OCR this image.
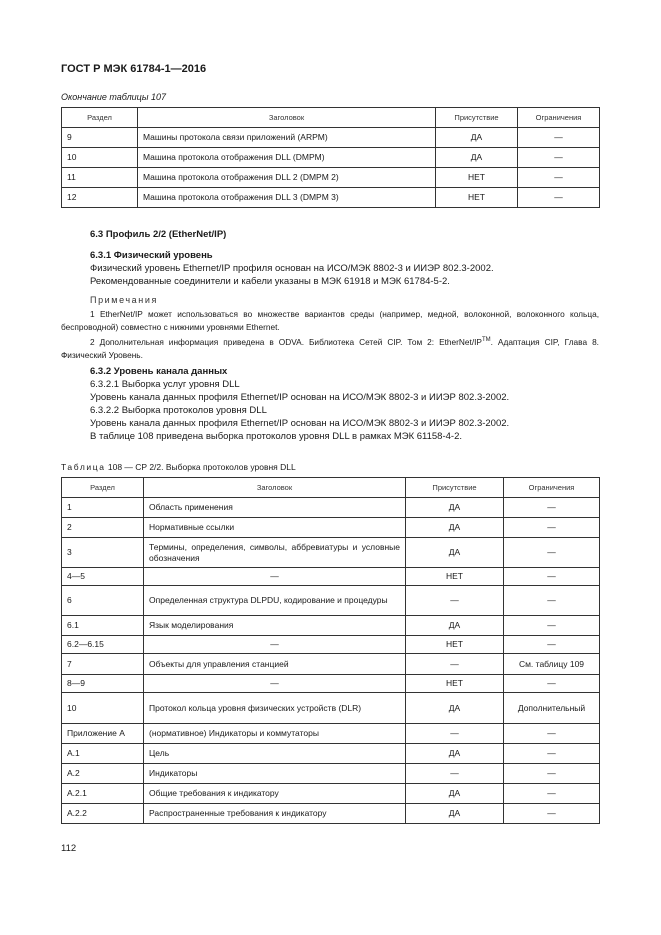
ГОСТ Р МЭК 61784-1—2016
Окончание таблицы 107
Раздел	Заголовок	Присутствие	Ограничения
9	Машины протокола связи приложений (ARPM)	ДА	—
10	Машина протокола отображения DLL (DMPM)	ДА	—
11	Машина протокола отображения DLL 2 (DMPM 2)	НЕТ	—
12	Машина протокола отображения DLL 3 (DMPM 3)	НЕТ	—
6.3 Профиль 2/2 (EtherNet/IP)
6.3.1 Физический уровень
Физический уровень Ethernet/IP профиля основан на ИСО/МЭК 8802-3 и ИИЭР 802.3-2002.
Рекомендованные соединители и кабели указаны в МЭК 61918 и МЭК 61784-5-2.
Примечания

1 EtherNet/IP может использоваться во множестве вариантов среды (например, медной, волоконной, волоконного кольца, беспроводной) совместно с нижними уровнями Ethernet.

2 Дополнительная информация приведена в ODVA. Библиотека Сетей CIP. Том 2: EtherNet/IP™. Адаптация CIP, Глава 8. Физический Уровень.

6.3.2 Уровень канала данных
6.3.2.1 Выборка услуг уровня DLL
Уровень канала данных профиля Ethernet/IP основан на ИСО/МЭК 8802-3 и ИИЭР 802.3-2002.
6.3.2.2 Выборка протоколов уровня DLL
Уровень канала данных профиля Ethernet/IP основан на ИСО/МЭК 8802-3 и ИИЭР 802.3-2002.
В таблице 108 приведена выборка протоколов уровня DLL в рамках МЭК 61158-4-2.
Таблица 108 — CP 2/2. Выборка протоколов уровня DLL
Раздел	Заголовок	Присутствие	Ограничения
1	Область применения	ДА	—
2	Нормативные ссылки	ДА	—
3	Термины, определения, символы, аббревиатуры и условные обозначения	ДА	—
4—5	—	НЕТ	—
6	Определенная структура DLPDU, кодирование и процедуры	—	—
6.1	Язык моделирования	ДА	—
6.2—6.15	—	НЕТ	—
7	Объекты для управления станцией	—	См. таблицу 109
8—9	—	НЕТ	—
10	Протокол кольца уровня физических устройств (DLR)	ДА	Дополнительный
Приложение А	(нормативное) Индикаторы и коммутаторы	—	—
А.1	Цель	ДА	—
А.2	Индикаторы	—	—
А.2.1	Общие требования к индикатору	ДА	—
А.2.2	Распространенные требования к индикатору	ДА	—
112
